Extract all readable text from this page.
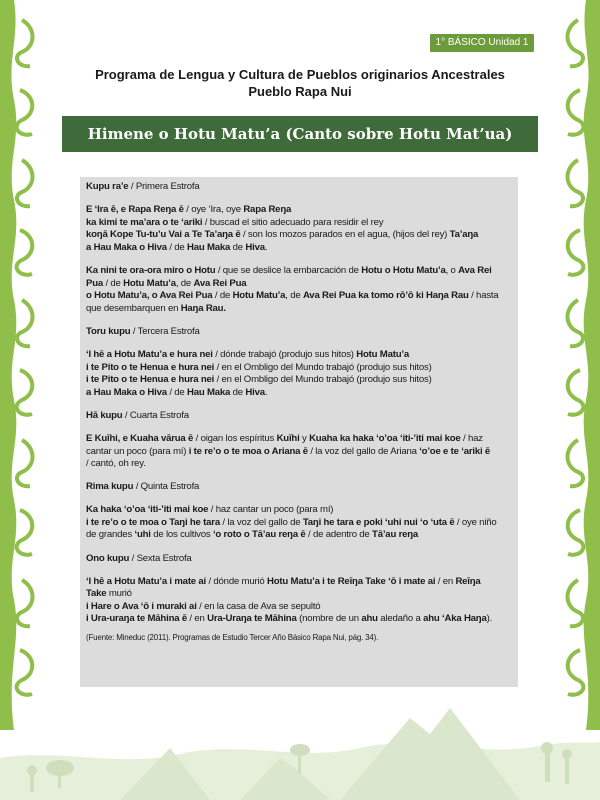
1° BÁSICO Unidad 1
Programa de Lengua y Cultura de Pueblos originarios Ancestrales
Pueblo Rapa Nui
Himene o Hotu Matu’a (Canto sobre Hotu Mat’ua)

Kupu ra’e / Primera Estrofa

E ‘Ira ē, e Rapa Reŋa ē / oye ‘Ira, oye Rapa Reŋa
ka kimi te ma’ara o te ‘ariki / buscad el sitio adecuado para residir el rey
koŋā Kope Tu-tu’u Vai a Te Ta’aŋa ē / son los mozos parados en el agua, (hijos del rey) Ta’aŋa
a Hau Maka o Hiva / de Hau Maka de Hiva.

Ka nini te ora-ora miro o Hotu / que se deslice la embarcación de Hotu o Hotu Matu’a, o Ava Rei
Pua / de Hotu Matu’a, de Ava Rei Pua
o Hotu Matu’a, o Ava Rei Pua / de Hotu Matu’a, de Ava Rei Pua ka tomo rō’ō ki Haŋa Rau / hasta
que desembarquen en Haŋa Rau.

Toru kupu / Tercera Estrofa

‘I hē a Hotu Matu’a e hura nei / dónde trabajó (produjo sus hitos) Hotu Matu’a
i te Pito o te Henua e hura nei / en el Ombligo del Mundo trabajó (produjo sus hitos)
i te Pito o te Henua e hura nei / en el Ombligo del Mundo trabajó (produjo sus hitos)
a Hau Maka o Hiva / de Hau Maka de Hiva.

Hā kupu / Cuarta Estrofa

E Kuīhi, e Kuaha vārua ē / oigan los espíritus Kuīhi y Kuaha ka haka ‘o’oa ‘iti-’iti mai koe / haz
cantar un poco (para mí) i te re’o o te moa o Ariana ē / la voz del gallo de Ariana ‘o’oe e te ‘ariki ē
/ cantó, oh rey.

Rima kupu / Quinta Estrofa

Ka haka ‘o’oa ‘iti-’iti mai koe / haz cantar un poco (para mí)
i te re’o o te moa o Taŋi he tara / la voz del gallo de Taŋi he tara e poki ‘uhi nui ‘o ‘uta ē / oye niño
de grandes ‘uhi de los cultivos ‘o roto o Tā’au reŋa ē / de adentro de Tā’au reŋa

Ono kupu / Sexta Estrofa

‘I hē a Hotu Matu’a i mate ai / dónde murió Hotu Matu’a i te Reīŋa Take ‘ō i mate ai / en Reīŋa
Take murió
i Hare o Ava ‘ō i muraki ai / en la casa de Ava se sepultó
i Ura-uraŋa te Māhina ē / en Ura-Uraŋa te Māhina (nombre de un ahu aledaño a ahu ‘Aka Haŋa).

(Fuente: Mineduc (2011). Programas de Estudio Tercer Año Básico Rapa Nui, pág. 34).
